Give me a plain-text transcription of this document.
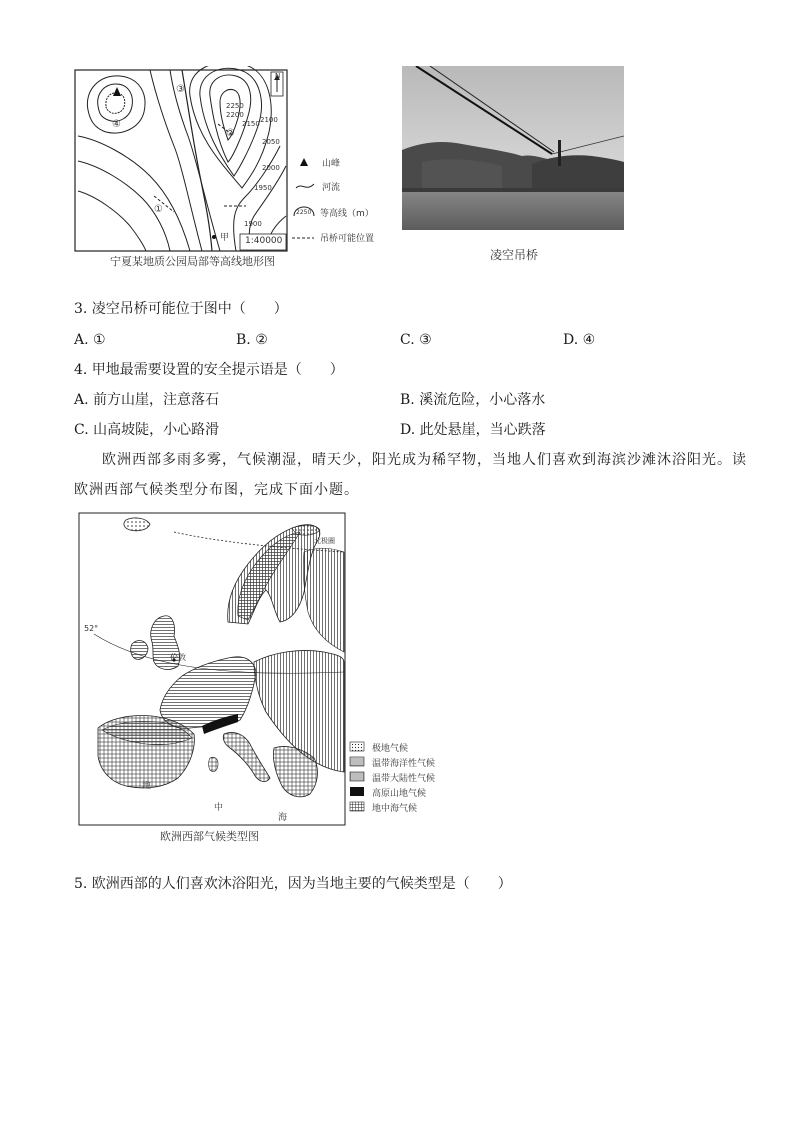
④
③
②
①
甲
2250
2200
2150 2100
2050
2000
1950
1900
N
1:40000
山峰
河流
2250 等高线（m）
吊桥可能位置
宁夏某地质公园局部等高线地形图	凌空吊桥
3. 凌空吊桥可能位于图中（　　）
A. ①	B. ②	C. ③	D. ④
4. 甲地最需要设置的安全提示语是（　　）
A. 前方山崖，注意落石	B. 溪流危险，小心落水
C. 山高坡陡，小心路滑	D. 此处悬崖，当心跌落
欧洲西部多雨多雾，气候潮湿，晴天少，阳光成为稀罕物，当地人们喜欢到海滨沙滩沐浴阳光。读欧洲西部气候类型分布图，完成下面小题。
北极圈
52°
伦敦
地
中
海
极地气候
温带海洋性气候
温带大陆性气候
高原山地气候
地中海气候
欧洲西部气候类型图
5. 欧洲西部的人们喜欢沐浴阳光，因为当地主要的气候类型是（　　）
